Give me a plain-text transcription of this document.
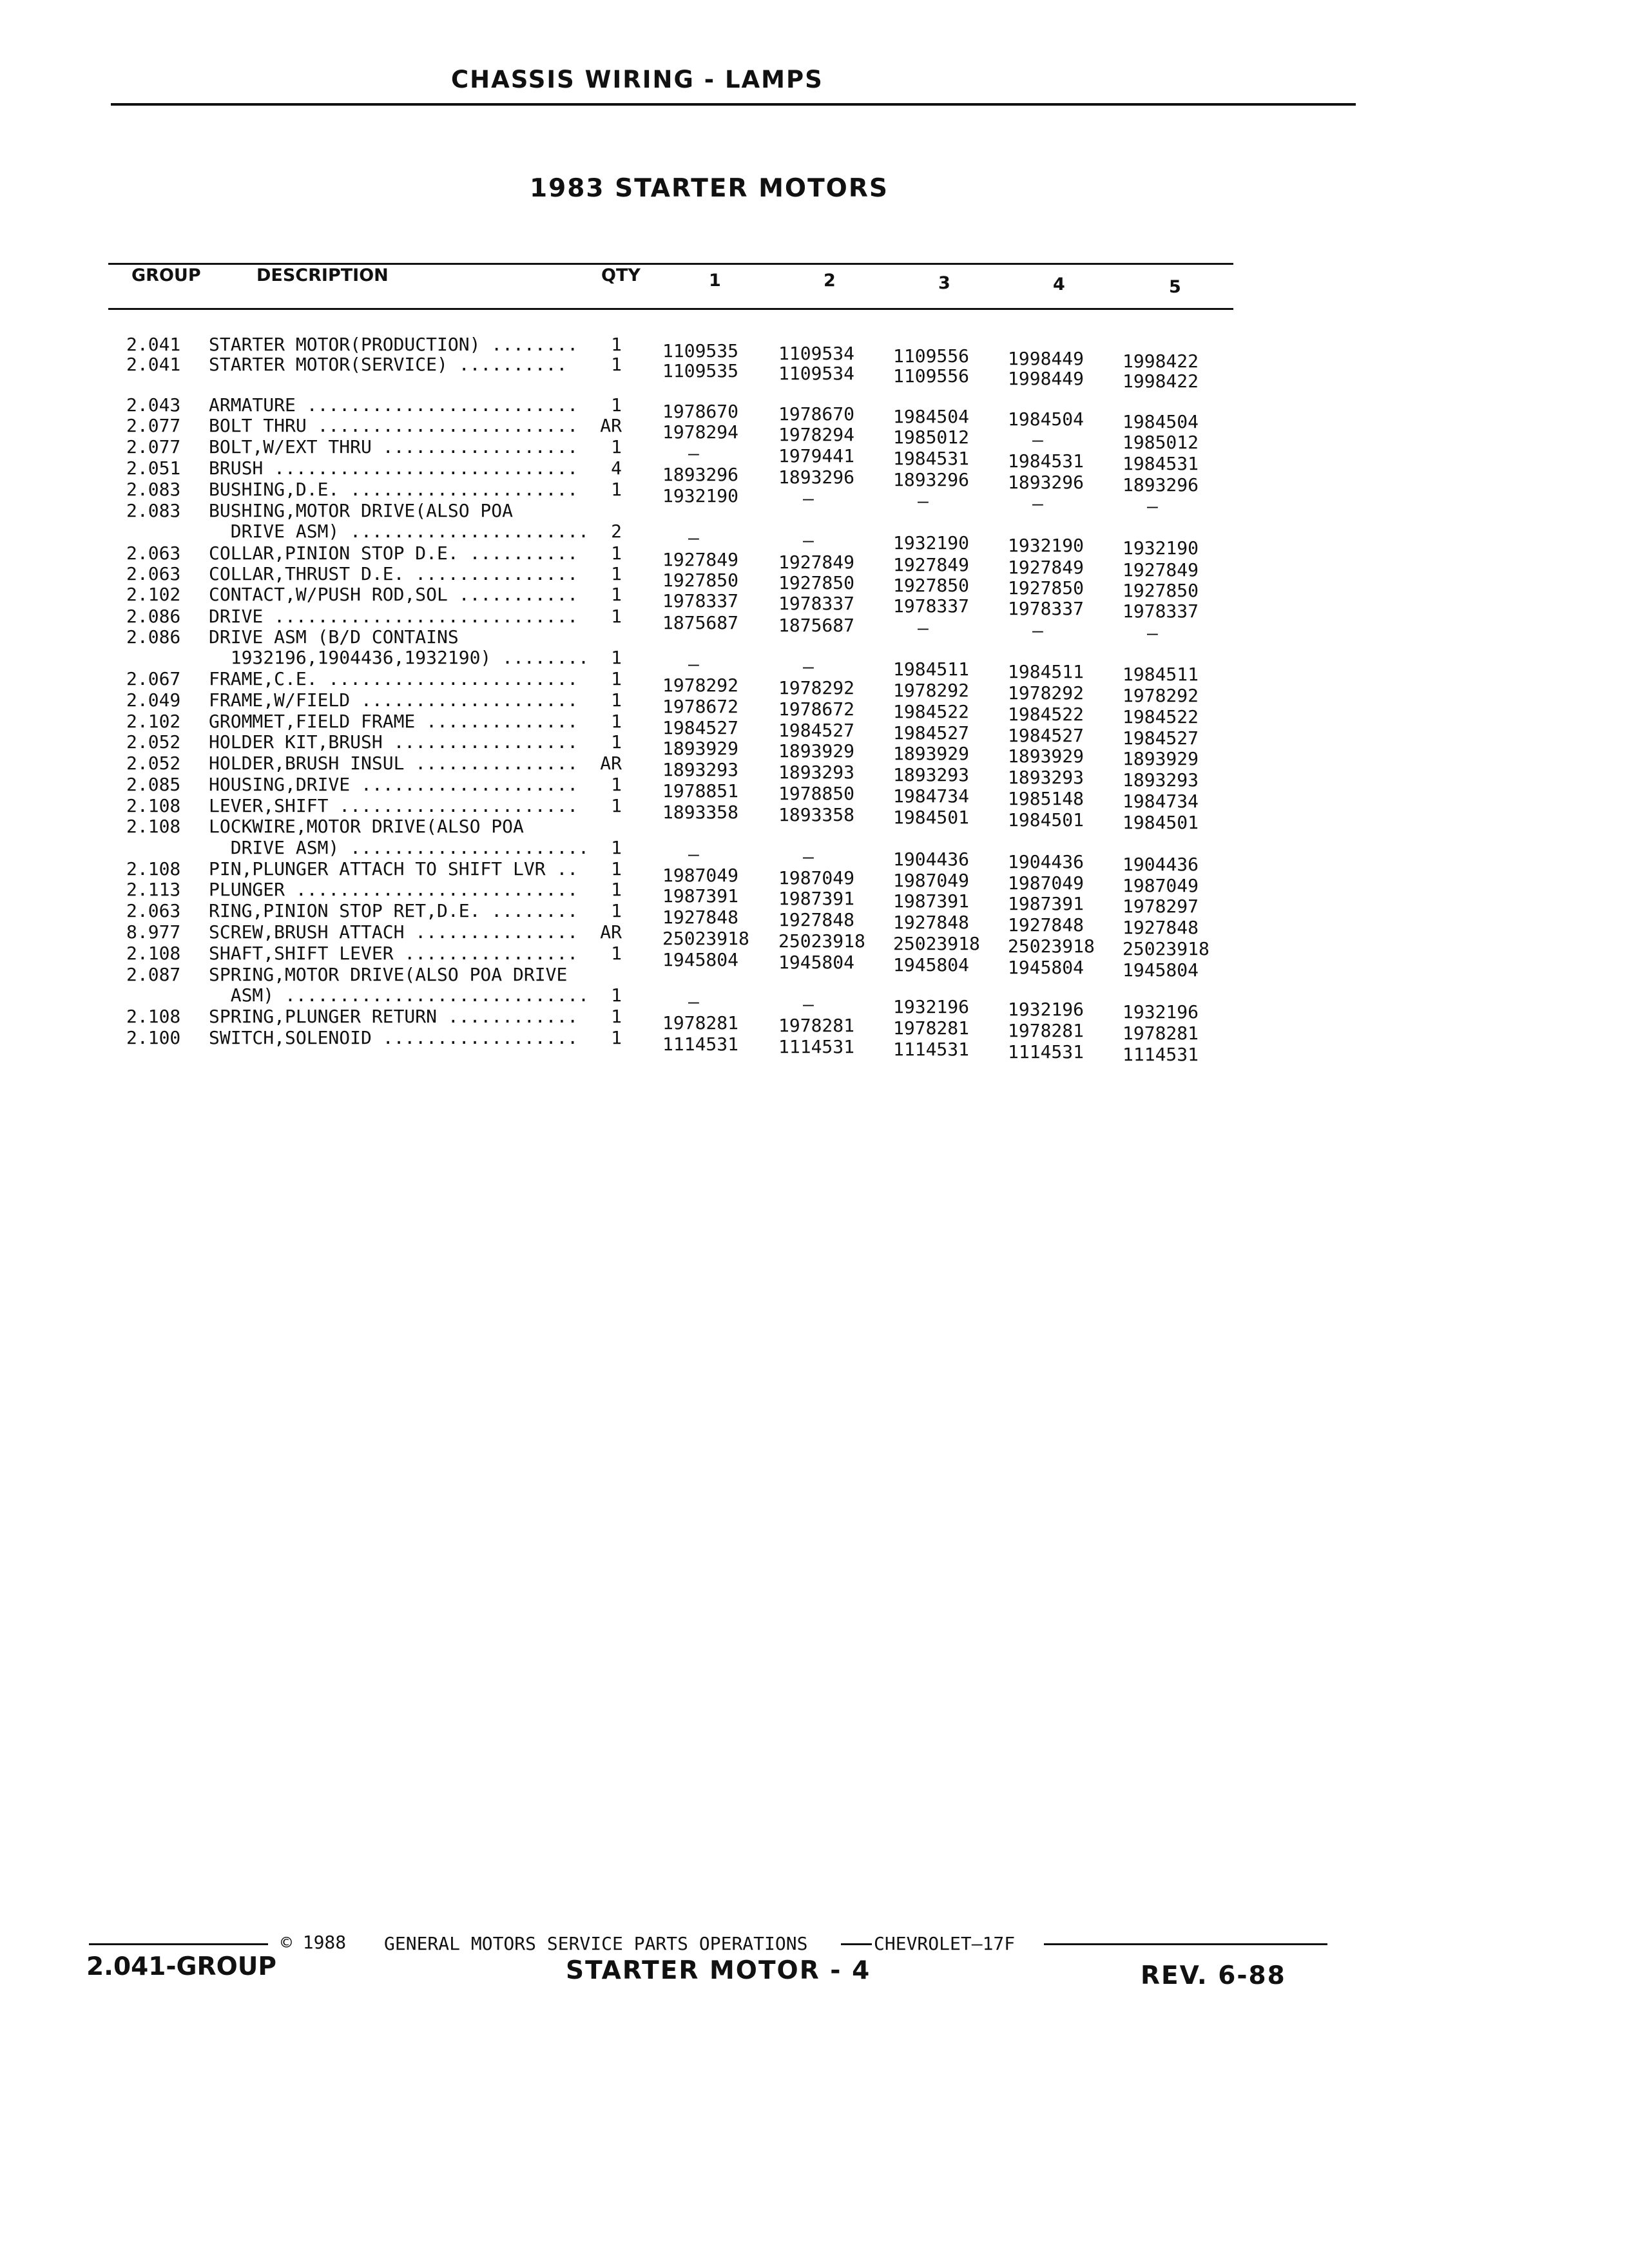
CHASSIS WIRING - LAMPS
1983 STARTER MOTORS
GROUP	DESCRIPTION	QTY	1	2	3	4	5
2.041 STARTER MOTOR(PRODUCTION) ........	1 1109535 1109534 1109556 1998449 1998422
2.041 STARTER MOTOR(SERVICE) ..........	1 1109535 1109534 1109556 1998449 1998422
2.043 ARMATURE .........................	1 1978670 1978670 1984504 1984504 1984504
2.077 BOLT THRU ........................ AR 1978294 1978294 1985012	—	1985012
2.077 BOLT,W/EXT THRU ..................	1	—	1979441 1984531 1984531 1984531
2.051 BRUSH ............................	4 1893296 1893296 1893296 1893296 1893296
2.083 BUSHING,D.E. .....................	1 1932190	—	—	—	—
2.083 BUSHING,MOTOR DRIVE(ALSO POA
DRIVE ASM) ......................	2	—	—	1932190 1932190 1932190
2.063 COLLAR,PINION STOP D.E. ..........	1 1927849 1927849 1927849 1927849 1927849
2.063 COLLAR,THRUST D.E. ...............	1 1927850 1927850 1927850 1927850 1927850
2.102 CONTACT,W/PUSH ROD,SOL ...........	1 1978337 1978337 1978337 1978337 1978337
2.086 DRIVE ............................	1 1875687 1875687	—	—	—
2.086 DRIVE ASM (B/D CONTAINS
1932196,1904436,1932190) ........	1	—	—	1984511 1984511 1984511
2.067 FRAME,C.E. .......................	1 1978292 1978292 1978292 1978292 1978292
2.049 FRAME,W/FIELD ....................	1 1978672 1978672 1984522 1984522 1984522
2.102 GROMMET,FIELD FRAME ..............	1 1984527 1984527 1984527 1984527 1984527
2.052 HOLDER KIT,BRUSH .................	1 1893929 1893929 1893929 1893929 1893929
2.052 HOLDER,BRUSH INSUL ............... AR 1893293 1893293 1893293 1893293 1893293
2.085 HOUSING,DRIVE ....................	1 1978851 1978850 1984734 1985148 1984734
2.108 LEVER,SHIFT ......................	1 1893358 1893358 1984501 1984501 1984501
2.108 LOCKWIRE,MOTOR DRIVE(ALSO POA
DRIVE ASM) ......................	1	—	—	1904436 1904436 1904436
2.108 PIN,PLUNGER ATTACH TO SHIFT LVR ..	1 1987049 1987049 1987049 1987049 1987049
2.113 PLUNGER ..........................	1 1987391 1987391 1987391 1987391 1978297
2.063 RING,PINION STOP RET,D.E. ........	1 1927848 1927848 1927848 1927848 1927848
8.977 SCREW,BRUSH ATTACH ............... AR 25023918 25023918 25023918 25023918 25023918
2.108 SHAFT,SHIFT LEVER ................	1 1945804 1945804 1945804 1945804 1945804
2.087 SPRING,MOTOR DRIVE(ALSO POA DRIVE
ASM) ............................	1	—	—	1932196 1932196 1932196
2.108 SPRING,PLUNGER RETURN ............	1 1978281 1978281 1978281 1978281 1978281
2.100 SWITCH,SOLENOID ..................	1 1114531 1114531 1114531 1114531 1114531
© 1988 GENERAL MOTORS SERVICE PARTS OPERATIONS	CHEVROLET—17F
2.041-GROUP	STARTER MOTOR - 4	REV. 6-88
